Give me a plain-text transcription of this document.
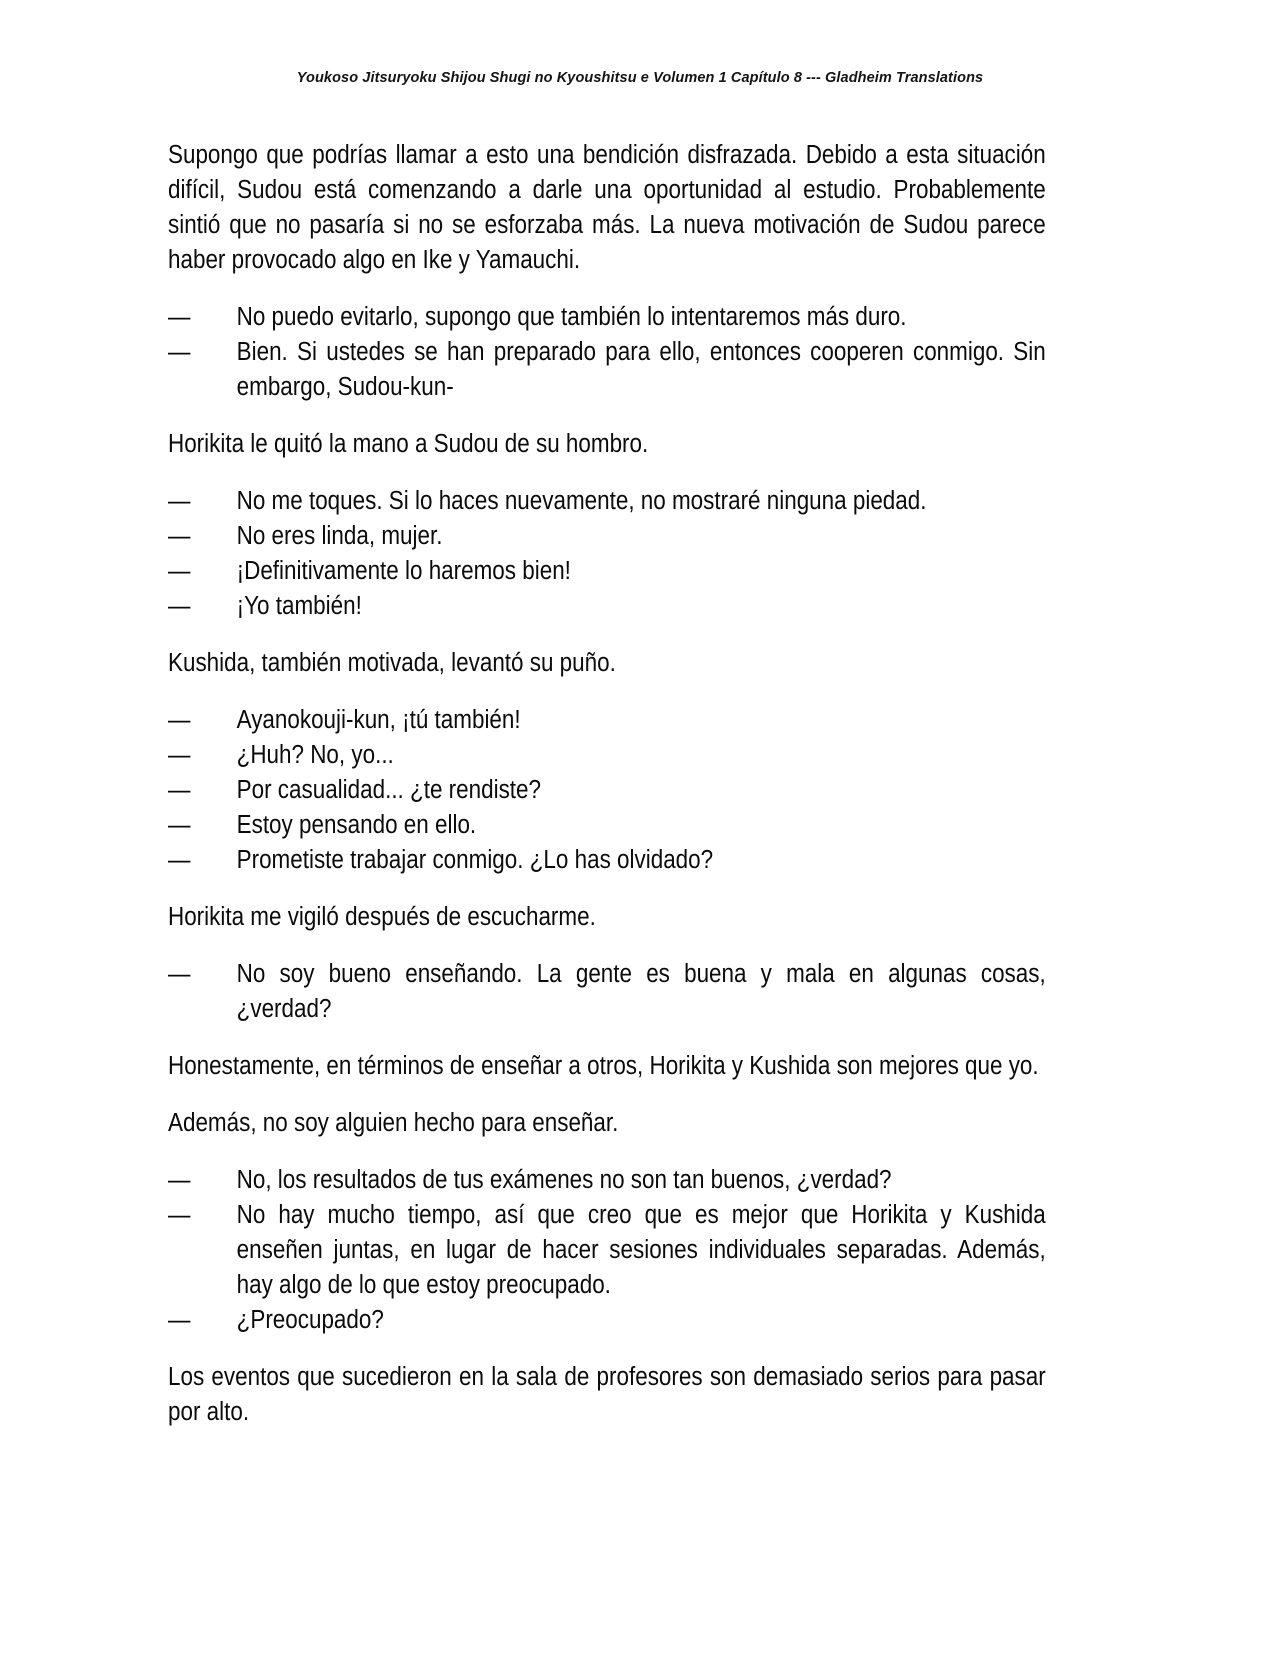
Youkoso Jitsuryoku Shijou Shugi no Kyoushitsu e Volumen 1 Capítulo 8 --- Gladheim Translations

Supongo que podrías llamar a esto una bendición disfrazada. Debido a esta situación difícil, Sudou está comenzando a darle una oportunidad al estudio. Probablemente sintió que no pasaría si no se esforzaba más. La nueva motivación de Sudou parece haber provocado algo en Ike y Yamauchi.

— No puedo evitarlo, supongo que también lo intentaremos más duro.

— Bien. Si ustedes se han preparado para ello, entonces cooperen conmigo. Sin embargo, Sudou-kun-

Horikita le quitó la mano a Sudou de su hombro.

— No me toques. Si lo haces nuevamente, no mostraré ninguna piedad.

— No eres linda, mujer.

— ¡Definitivamente lo haremos bien!

— ¡Yo también!

Kushida, también motivada, levantó su puño.

— Ayanokouji-kun, ¡tú también!

— ¿Huh? No, yo...

— Por casualidad... ¿te rendiste?

— Estoy pensando en ello.

— Prometiste trabajar conmigo. ¿Lo has olvidado?

Horikita me vigiló después de escucharme.

— No soy bueno enseñando. La gente es buena y mala en algunas cosas, ¿verdad?

Honestamente, en términos de enseñar a otros, Horikita y Kushida son mejores que yo.

Además, no soy alguien hecho para enseñar.

— No, los resultados de tus exámenes no son tan buenos, ¿verdad?

— No hay mucho tiempo, así que creo que es mejor que Horikita y Kushida enseñen juntas, en lugar de hacer sesiones individuales separadas. Además, hay algo de lo que estoy preocupado.

— ¿Preocupado?

Los eventos que sucedieron en la sala de profesores son demasiado serios para pasar por alto.
